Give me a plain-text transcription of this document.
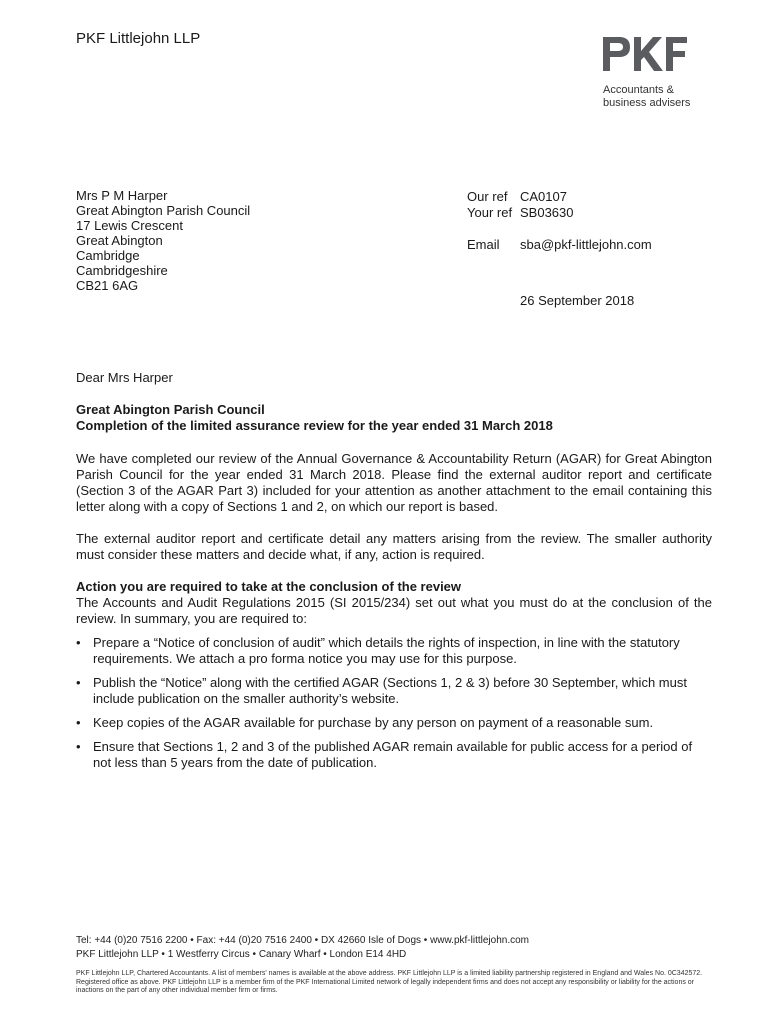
PKF Littlejohn LLP
Accountants &
business advisers
Mrs P M Harper
Great Abington Parish Council
17 Lewis Crescent
Great Abington
Cambridge
Cambridgeshire
CB21 6AG
Our ref CA0107
Your ref SB03630
Email sba@pkf-littlejohn.com
26 September 2018

Dear Mrs Harper

Great Abington Parish Council
Completion of the limited assurance review for the year ended 31 March 2018

We have completed our review of the Annual Governance & Accountability Return (AGAR) for Great Abington Parish Council for the year ended 31 March 2018. Please find the external auditor report and certificate (Section 3 of the AGAR Part 3) included for your attention as another attachment to the email containing this letter along with a copy of Sections 1 and 2, on which our report is based.

The external auditor report and certificate detail any matters arising from the review. The smaller authority must consider these matters and decide what, if any, action is required.

Action you are required to take at the conclusion of the review

The Accounts and Audit Regulations 2015 (SI 2015/234) set out what you must do at the conclusion of the review. In summary, you are required to:

• Prepare a “Notice of conclusion of audit” which details the rights of inspection, in line with the statutory requirements. We attach a pro forma notice you may use for this purpose.
• Publish the “Notice” along with the certified AGAR (Sections 1, 2 & 3) before 30 September, which must include publication on the smaller authority’s website.
• Keep copies of the AGAR available for purchase by any person on payment of a reasonable sum.
• Ensure that Sections 1, 2 and 3 of the published AGAR remain available for public access for a period of not less than 5 years from the date of publication.
Tel: +44 (0)20 7516 2200 • Fax: +44 (0)20 7516 2400 • DX 42660 Isle of Dogs • www.pkf-littlejohn.com
PKF Littlejohn LLP • 1 Westferry Circus • Canary Wharf • London E14 4HD
PKF Littlejohn LLP, Chartered Accountants. A list of members' names is available at the above address. PKF Littlejohn LLP is a limited liability partnership registered in England and Wales No. 0C342572. Registered office as above. PKF Littlejohn LLP is a member firm of the PKF International Limited network of legally independent firms and does not accept any responsibility or liability for the actions or inactions on the part of any other individual member firm or firms.
